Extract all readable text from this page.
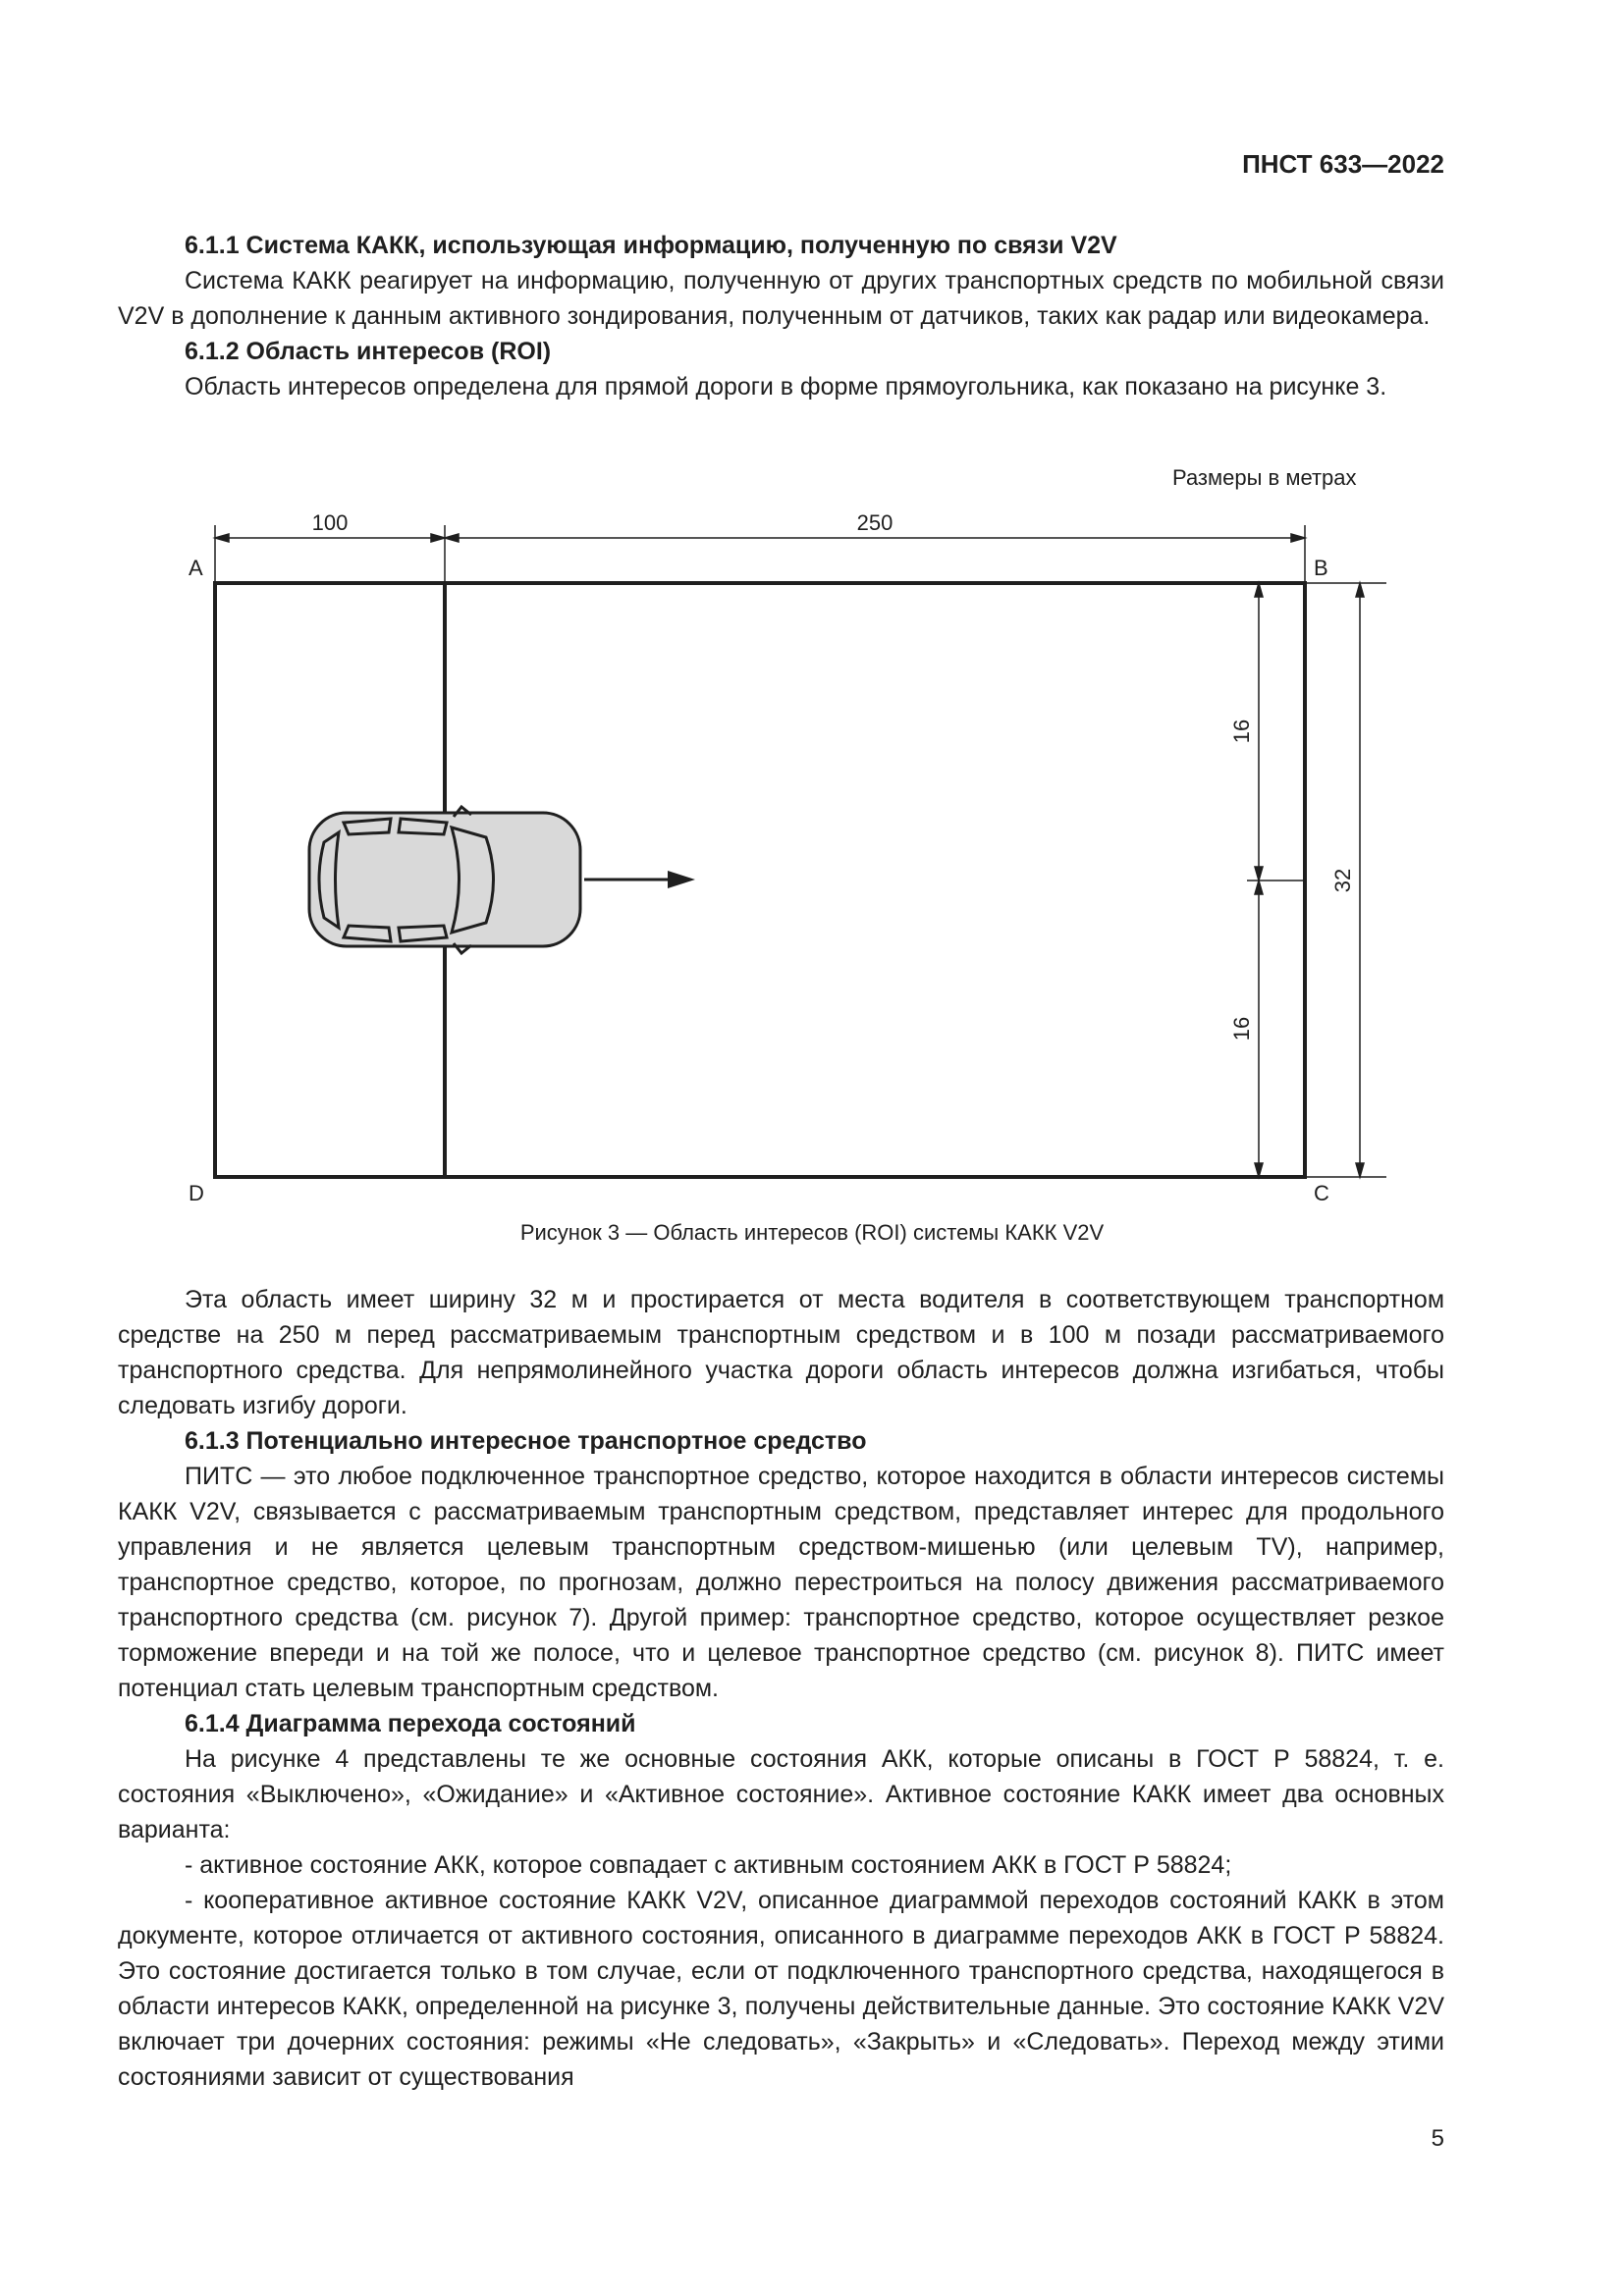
ПНСТ 633—2022
6.1.1 Система КАКК, использующая информацию, полученную по связи V2V

Система КАКК реагирует на информацию, полученную от других транспортных средств по мобильной связи V2V в дополнение к данным активного зондирования, полученным от датчиков, таких как радар или видеокамера.

6.1.2 Область интересов (ROI)

Область интересов определена для прямой дороги в форме прямоугольника, как показано на рисунке 3.

Размеры в метрах
100	250
16
16
32
A	B
C
D
Рисунок 3 — Область интересов (ROI) системы КАКК V2V

Эта область имеет ширину 32 м и простирается от места водителя в соответствующем транспортном средстве на 250 м перед рассматриваемым транспортным средством и в 100 м позади рассматриваемого транспортного средства. Для непрямолинейного участка дороги область интересов должна изгибаться, чтобы следовать изгибу дороги.

6.1.3 Потенциально интересное транспортное средство

ПИТС — это любое подключенное транспортное средство, которое находится в области интересов системы КАКК V2V, связывается с рассматриваемым транспортным средством, представляет интерес для продольного управления и не является целевым транспортным средством-мишенью (или целевым TV), например, транспортное средство, которое, по прогнозам, должно перестроиться на полосу движения рассматриваемого транспортного средства (см. рисунок 7). Другой пример: транспортное средство, которое осуществляет резкое торможение впереди и на той же полосе, что и целевое транспортное средство (см. рисунок 8). ПИТС имеет потенциал стать целевым транспортным средством.

6.1.4 Диаграмма перехода состояний

На рисунке 4 представлены те же основные состояния АКК, которые описаны в ГОСТ Р 58824, т. е. состояния «Выключено», «Ожидание» и «Активное состояние». Активное состояние КАКК имеет два основных варианта:

- активное состояние АКК, которое совпадает с активным состоянием АКК в ГОСТ Р 58824;

- кооперативное активное состояние КАКК V2V, описанное диаграммой переходов состояний КАКК в этом документе, которое отличается от активного состояния, описанного в диаграмме переходов АКК в ГОСТ Р 58824. Это состояние достигается только в том случае, если от подключенного транспортного средства, находящегося в области интересов КАКК, определенной на рисунке 3, получены действительные данные. Это состояние КАКК V2V включает три дочерних состояния: режимы «Не следовать», «Закрыть» и «Следовать». Переход между этими состояниями зависит от существования

5
